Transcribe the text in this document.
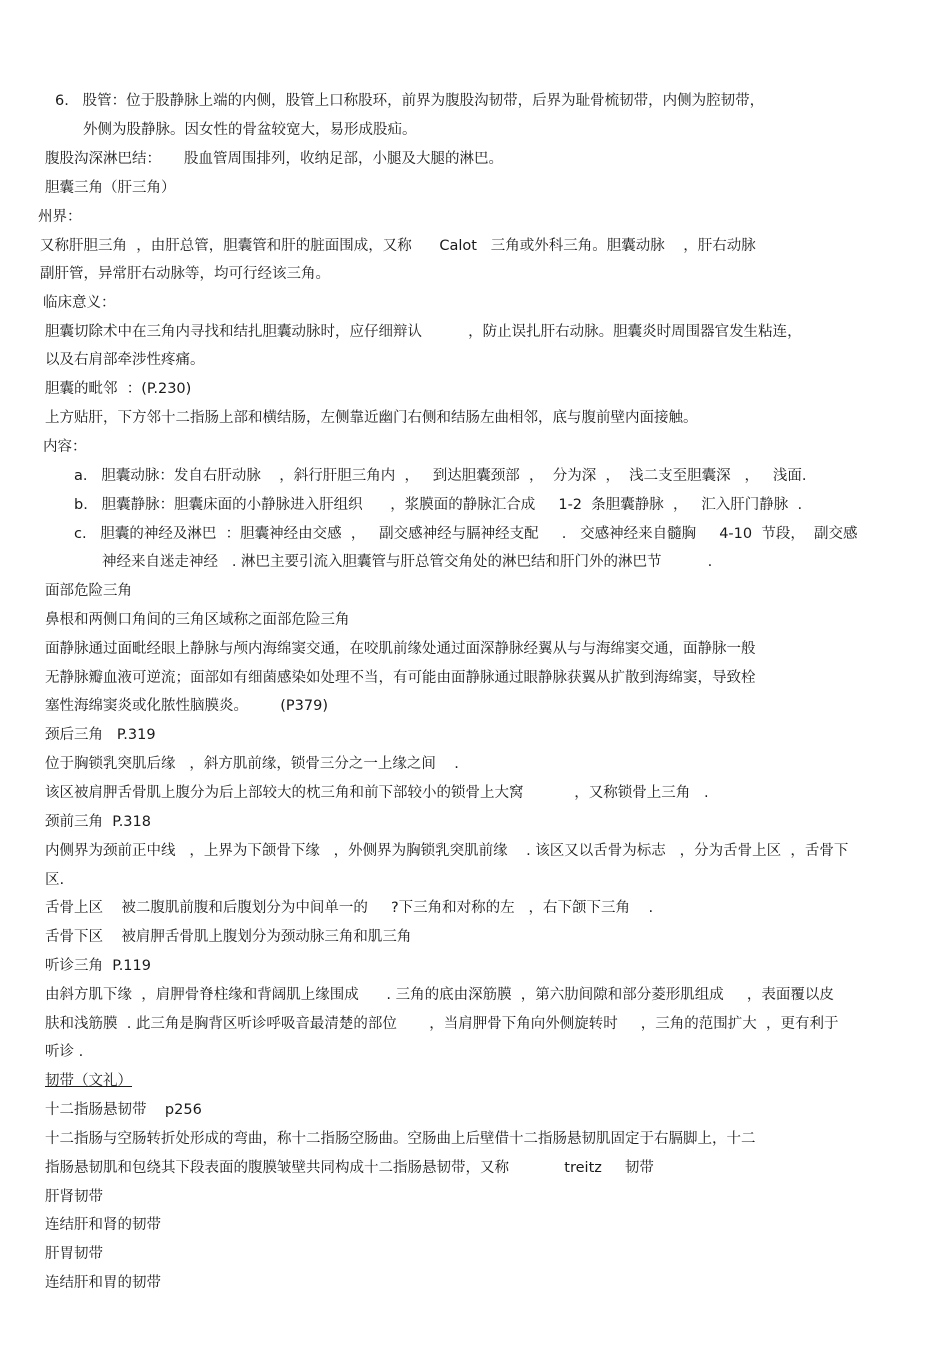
6.   股管：位于股静脉上端的内侧，股管上口称股环，前界为腹股沟韧带，后界为耻骨梳韧带，内侧为腔韧带，
外侧为股静脉。因女性的骨盆较宽大，易形成股疝。
腹股沟深淋巴结：     股血管周围排列，收纳足部，小腿及大腿的淋巴。
胆囊三角（肝三角）
州界：
又称肝胆三角  ，由肝总管，胆囊管和肝的脏面围成，又称      Calot   三角或外科三角。胆囊动脉    ，肝右动脉
副肝管，异常肝右动脉等，均可行经该三角。
临床意义：
胆囊切除术中在三角内寻找和结扎胆囊动脉时，应仔细辩认          ，防止误扎肝右动脉。胆囊炎时周围器官发生粘连，
以及右肩部牵涉性疼痛。
胆囊的毗邻  ：(P.230)
上方贴肝，下方邻十二指肠上部和横结肠，左侧靠近幽门右侧和结肠左曲相邻，底与腹前壁内面接触。
内容：
a.   胆囊动脉：发自右肝动脉    ，斜行肝胆三角内  ，   到达胆囊颈部  ，  分为深  ，  浅二支至胆囊深   ，   浅面.
b.   胆囊静脉：胆囊床面的小静脉进入肝组织      ，浆膜面的静脉汇合成     1-2  条胆囊静脉  ，   汇入肝门静脉  .
c.   胆囊的神经及淋巴  ：胆囊神经由交感  ，   副交感神经与膈神经支配     .   交感神经来自髓胸     4-10  节段，  副交感
神经来自迷走神经   . 淋巴主要引流入胆囊管与肝总管交角处的淋巴结和肝门外的淋巴节          .
面部危险三角
鼻根和两侧口角间的三角区域称之面部危险三角
面静脉通过面毗经眼上静脉与颅内海绵窦交通，在咬肌前缘处通过面深静脉经翼从与与海绵窦交通，面静脉一般
无静脉瓣血液可逆流；面部如有细菌感染如处理不当，有可能由面静脉通过眼静脉获翼从扩散到海绵窦，导致栓
塞性海绵窦炎或化脓性脑膜炎。       (P379)
颈后三角   P.319
位于胸锁乳突肌后缘   ，斜方肌前缘，锁骨三分之一上缘之间    .
该区被肩胛舌骨肌上腹分为后上部较大的枕三角和前下部较小的锁骨上大窝           ，又称锁骨上三角   .
颈前三角  P.318
内侧界为颈前正中线   ，上界为下颌骨下缘   ，外侧界为胸锁乳突肌前缘    . 该区又以舌骨为标志   ，分为舌骨上区  ，舌骨下
区.
舌骨上区    被二腹肌前腹和后腹划分为中间单一的     ?下三角和对称的左   ，右下颌下三角    .
舌骨下区    被肩胛舌骨肌上腹划分为颈动脉三角和肌三角
听诊三角  P.119
由斜方肌下缘  ，肩胛骨脊柱缘和背阔肌上缘围成      . 三角的底由深筋膜  ，第六肋间隙和部分菱形肌组成     ，表面覆以皮
肤和浅筋膜  . 此三角是胸背区听诊呼吸音最清楚的部位       ，当肩胛骨下角向外侧旋转时     ，三角的范围扩大  ，更有利于
听诊 .
韧带（文礼）
十二指肠悬韧带    p256
十二指肠与空肠转折处形成的弯曲，称十二指肠空肠曲。空肠曲上后壁借十二指肠悬韧肌固定于右膈脚上，十二
指肠悬韧肌和包绕其下段表面的腹膜皱壁共同构成十二指肠悬韧带，又称            treitz     韧带
肝肾韧带
连结肝和肾的韧带
肝胃韧带
连结肝和胃的韧带
